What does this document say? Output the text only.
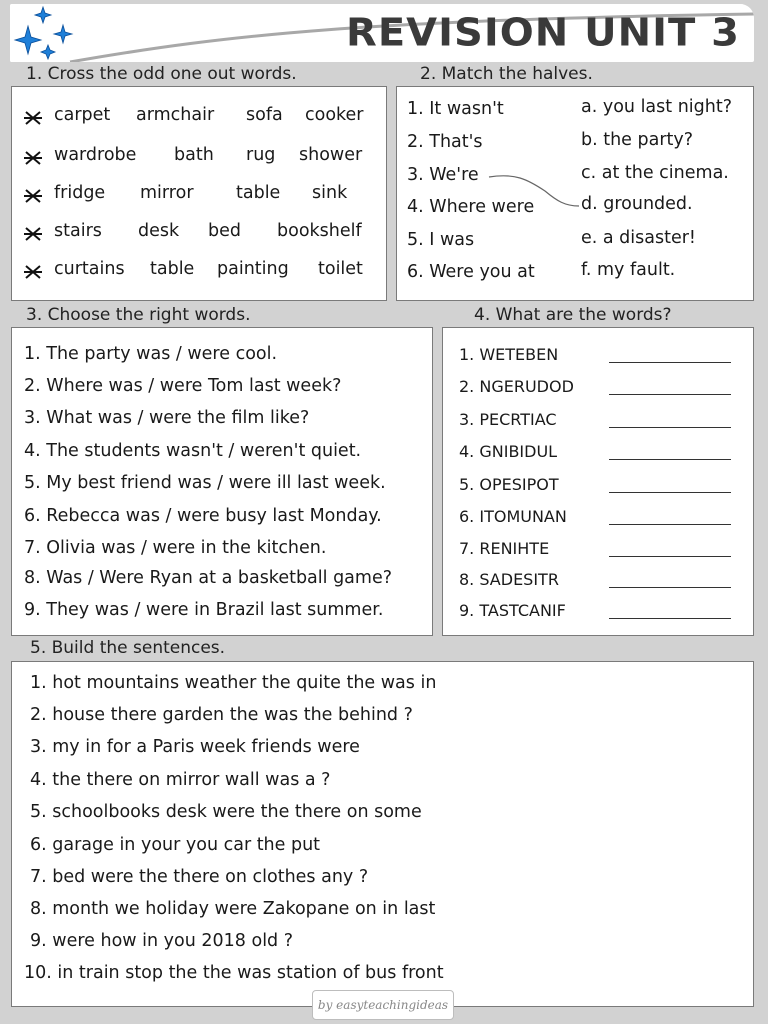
REVISION UNIT 3
1. Cross the odd one out words.
carpet armchair sofa cooker
wardrobe bath rug shower
fridge mirror table sink
stairs desk bed bookshelf
curtains table painting toilet
2. Match the halves.
1. It wasn't
2. That's
3. We're
4. Where were
5. I was
6. Were you at
a. you last night?
b. the party?
c. at the cinema.
d. grounded.
e. a disaster!
f. my fault.
3. Choose the right words.
1. The party was / were cool.
2. Where was / were Tom last week?
3. What was / were the film like?
4. The students wasn't / weren't quiet.
5. My best friend was / were ill last week.
6. Rebecca was / were busy last Monday.
7. Olivia was / were in the kitchen.
8. Was / Were Ryan at a basketball game?
9. They was / were in Brazil last summer.
4. What are the words?
1. WETEBEN
2. NGERUDOD
3. PECRTIAC
4. GNIBIDUL
5. OPESIPOT
6. ITOMUNAN
7. RENIHTE
8. SADESITR
9. TASTCANIF
5. Build the sentences.
1. hot mountains weather the quite the was in
2. house there garden the was the behind ?
3. my in for a Paris week friends were
4. the there on mirror wall was a ?
5. schoolbooks desk were the there on some
6. garage in your you car the put
7. bed were the there on clothes any ?
8. month we holiday were Zakopane on in last
9. were how in you 2018 old ?
10. in train stop the the was station of bus front
by easyteachingideas
